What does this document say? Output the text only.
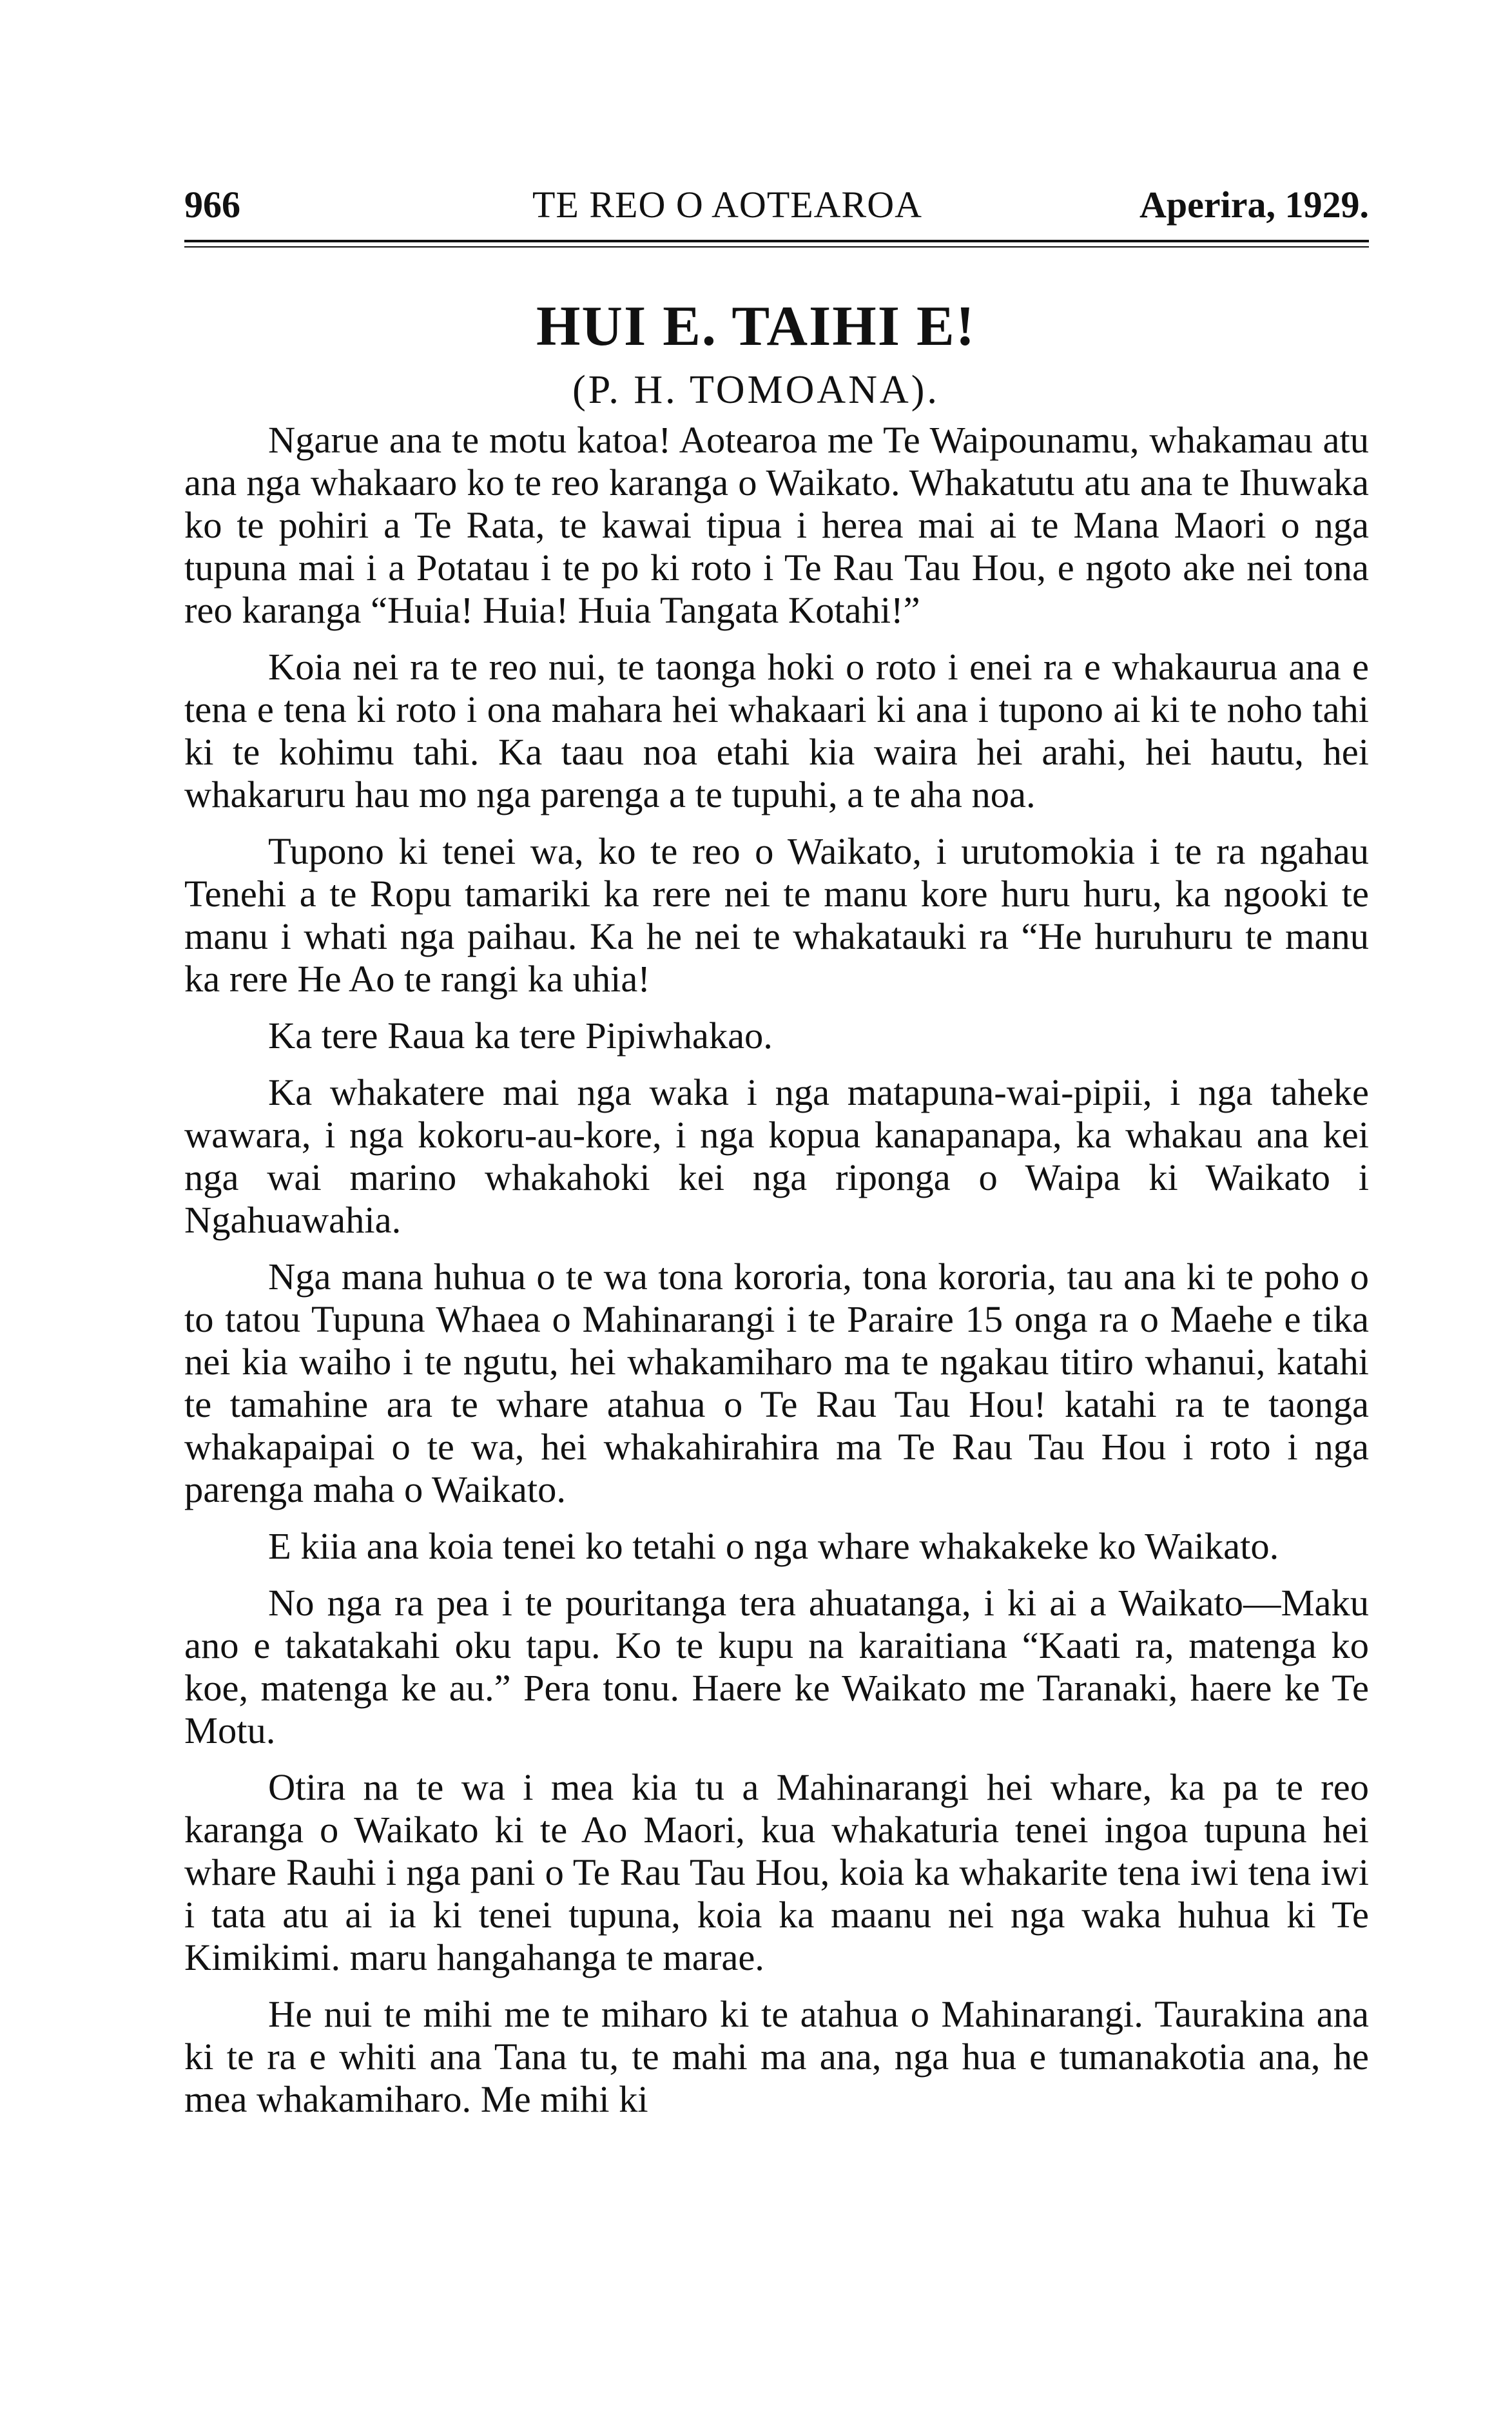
966	TE REO O AOTEAROA	Aperira, 1929.
HUI E. TAIHI E!
(P. H. TOMOANA).

Ngarue ana te motu katoa! Aotearoa me Te Waipounamu, whakamau atu ana nga whakaaro ko te reo karanga o Waikato. Whakatutu atu ana te Ihuwaka ko te pohiri a Te Rata, te kawai tipua i herea mai ai te Mana Maori o nga tupuna mai i a Potatau i te po ki roto i Te Rau Tau Hou, e ngoto ake nei tona reo karanga “Huia! Huia! Huia Tangata Kotahi!”

Koia nei ra te reo nui, te taonga hoki o roto i enei ra e whakaurua ana e tena e tena ki roto i ona mahara hei whakaari ki ana i tupono ai ki te noho tahi ki te kohimu tahi. Ka taau noa etahi kia waira hei arahi, hei hautu, hei whakaruru hau mo nga parenga a te tupuhi, a te aha noa.

Tupono ki tenei wa, ko te reo o Waikato, i urutomokia i te ra ngahau Tenehi a te Ropu tamariki ka rere nei te manu kore huru huru, ka ngooki te manu i whati nga paihau. Ka he nei te whakatauki ra “He huruhuru te manu ka rere He Ao te rangi ka uhia!

Ka tere Raua ka tere Pipiwhakao.

Ka whakatere mai nga waka i nga matapuna-wai-pipii, i nga taheke wawara, i nga kokoru-au-kore, i nga kopua kanapanapa, ka whakau ana kei nga wai marino whakahoki kei nga riponga o Waipa ki Waikato i Ngahuawahia.

Nga mana huhua o te wa tona kororia, tona kororia, tau ana ki te poho o to tatou Tupuna Whaea o Mahinarangi i te Paraire 15 onga ra o Maehe e tika nei kia waiho i te ngutu, hei whakamiharo ma te ngakau titiro whanui, katahi te tamahine ara te whare atahua o Te Rau Tau Hou! katahi ra te taonga whakapaipai o te wa, hei whakahirahira ma Te Rau Tau Hou i roto i nga parenga maha o Waikato.

E kiia ana koia tenei ko tetahi o nga whare whakakeke ko Waikato.

No nga ra pea i te pouritanga tera ahuatanga, i ki ai a Waikato—Maku ano e takatakahi oku tapu. Ko te kupu na karaitiana “Kaati ra, matenga ko koe, matenga ke au.” Pera tonu. Haere ke Waikato me Taranaki, haere ke Te Motu.

Otira na te wa i mea kia tu a Mahinarangi hei whare, ka pa te reo karanga o Waikato ki te Ao Maori, kua whakaturia tenei ingoa tupuna hei whare Rauhi i nga pani o Te Rau Tau Hou, koia ka whakarite tena iwi tena iwi i tata atu ai ia ki tenei tupuna, koia ka maanu nei nga waka huhua ki Te Kimikimi. maru hangahanga te marae.

He nui te mihi me te miharo ki te atahua o Mahinarangi. Taurakina ana ki te ra e whiti ana Tana tu, te mahi ma ana, nga hua e tumanakotia ana, he mea whakamiharo. Me mihi ki
